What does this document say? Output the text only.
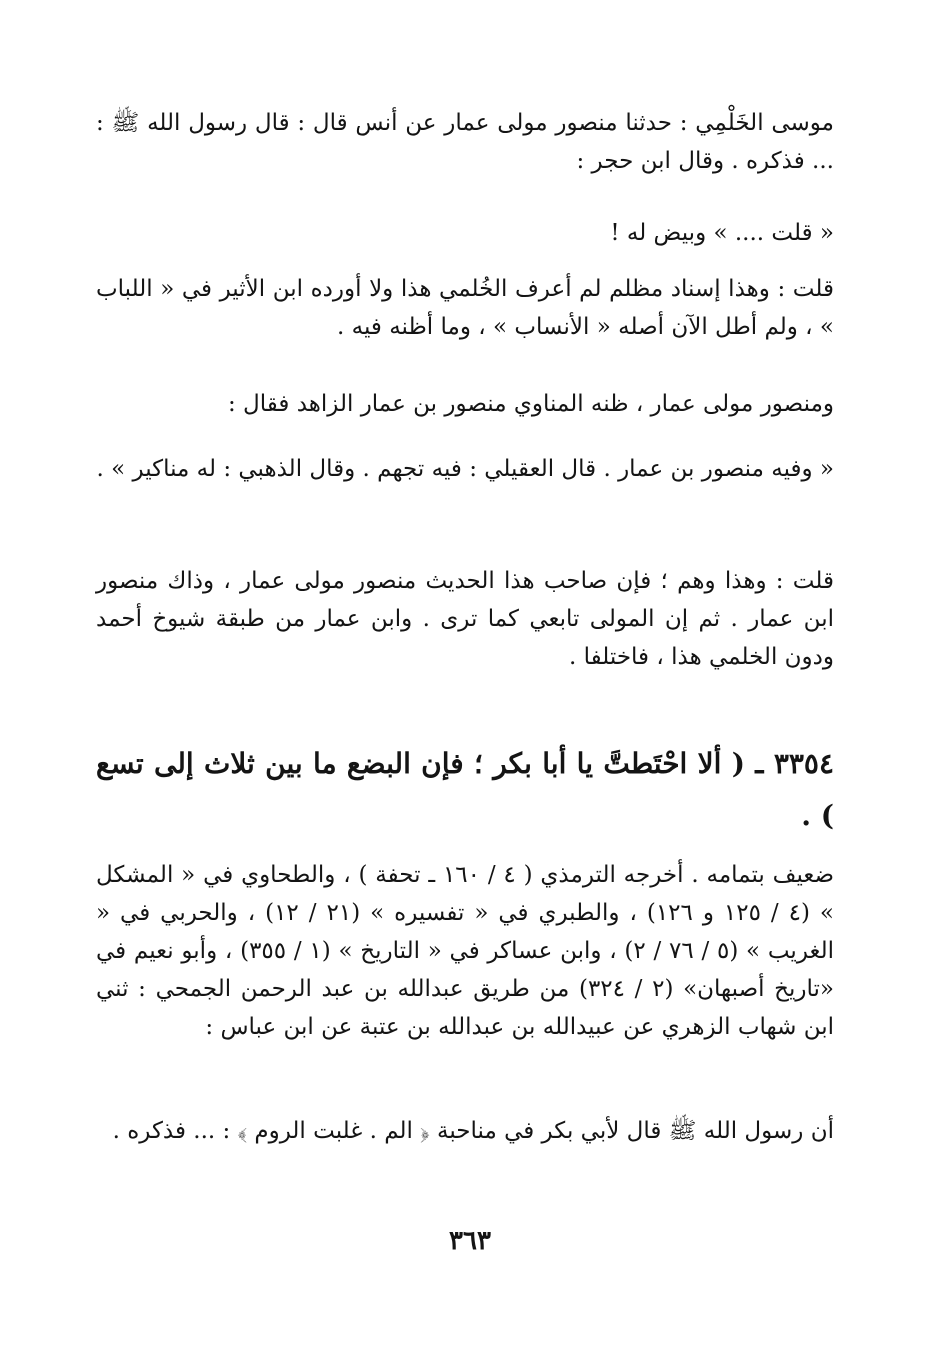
موسى الخَلْمِي : حدثنا منصور مولى عمار عن أنس قال : قال رسول الله ﷺ : ... فذكره . وقال ابن حجر :

« قلت .... » وبيض له !

قلت : وهذا إسناد مظلم لم أعرف الخُلمي هذا ولا أورده ابن الأثير في « اللباب » ، ولم أطل الآن أصله « الأنساب » ، وما أظنه فيه .

ومنصور مولى عمار ، ظنه المناوي منصور بن عمار الزاهد فقال :

« وفيه منصور بن عمار . قال العقيلي : فيه تجهم . وقال الذهبي : له مناكير » .

قلت : وهذا وهم ؛ فإن صاحب هذا الحديث منصور مولى عمار ، وذاك منصور ابن عمار . ثم إن المولى تابعي كما ترى . وابن عمار من طبقة شيوخ أحمد ودون الخلمي هذا ، فاختلفا .

٣٣٥٤ ـ ( ألا احْتَطتَّ يا أبا بكر ؛ فإن البضع ما بين ثلاث إلى تسع ) .

ضعيف بتمامه . أخرجه الترمذي ( ٤ / ١٦٠ ـ تحفة ) ، والطحاوي في « المشكل » (٤ / ١٢٥ و ١٢٦) ، والطبري في « تفسيره » (٢١ / ١٢) ، والحربي في « الغريب » (٥ / ٧٦ / ٢) ، وابن عساكر في « التاريخ » (١ / ٣٥٥) ، وأبو نعيم في «تاريخ أصبهان» (٢ / ٣٢٤) من طريق عبدالله بن عبد الرحمن الجمحي : ثني ابن شهاب الزهري عن عبيدالله بن عبدالله بن عتبة عن ابن عباس :

أن رسول الله ﷺ قال لأبي بكر في مناحبة ﴿ الم . غلبت الروم ﴾ : ... فذكره .

٣٦٣
